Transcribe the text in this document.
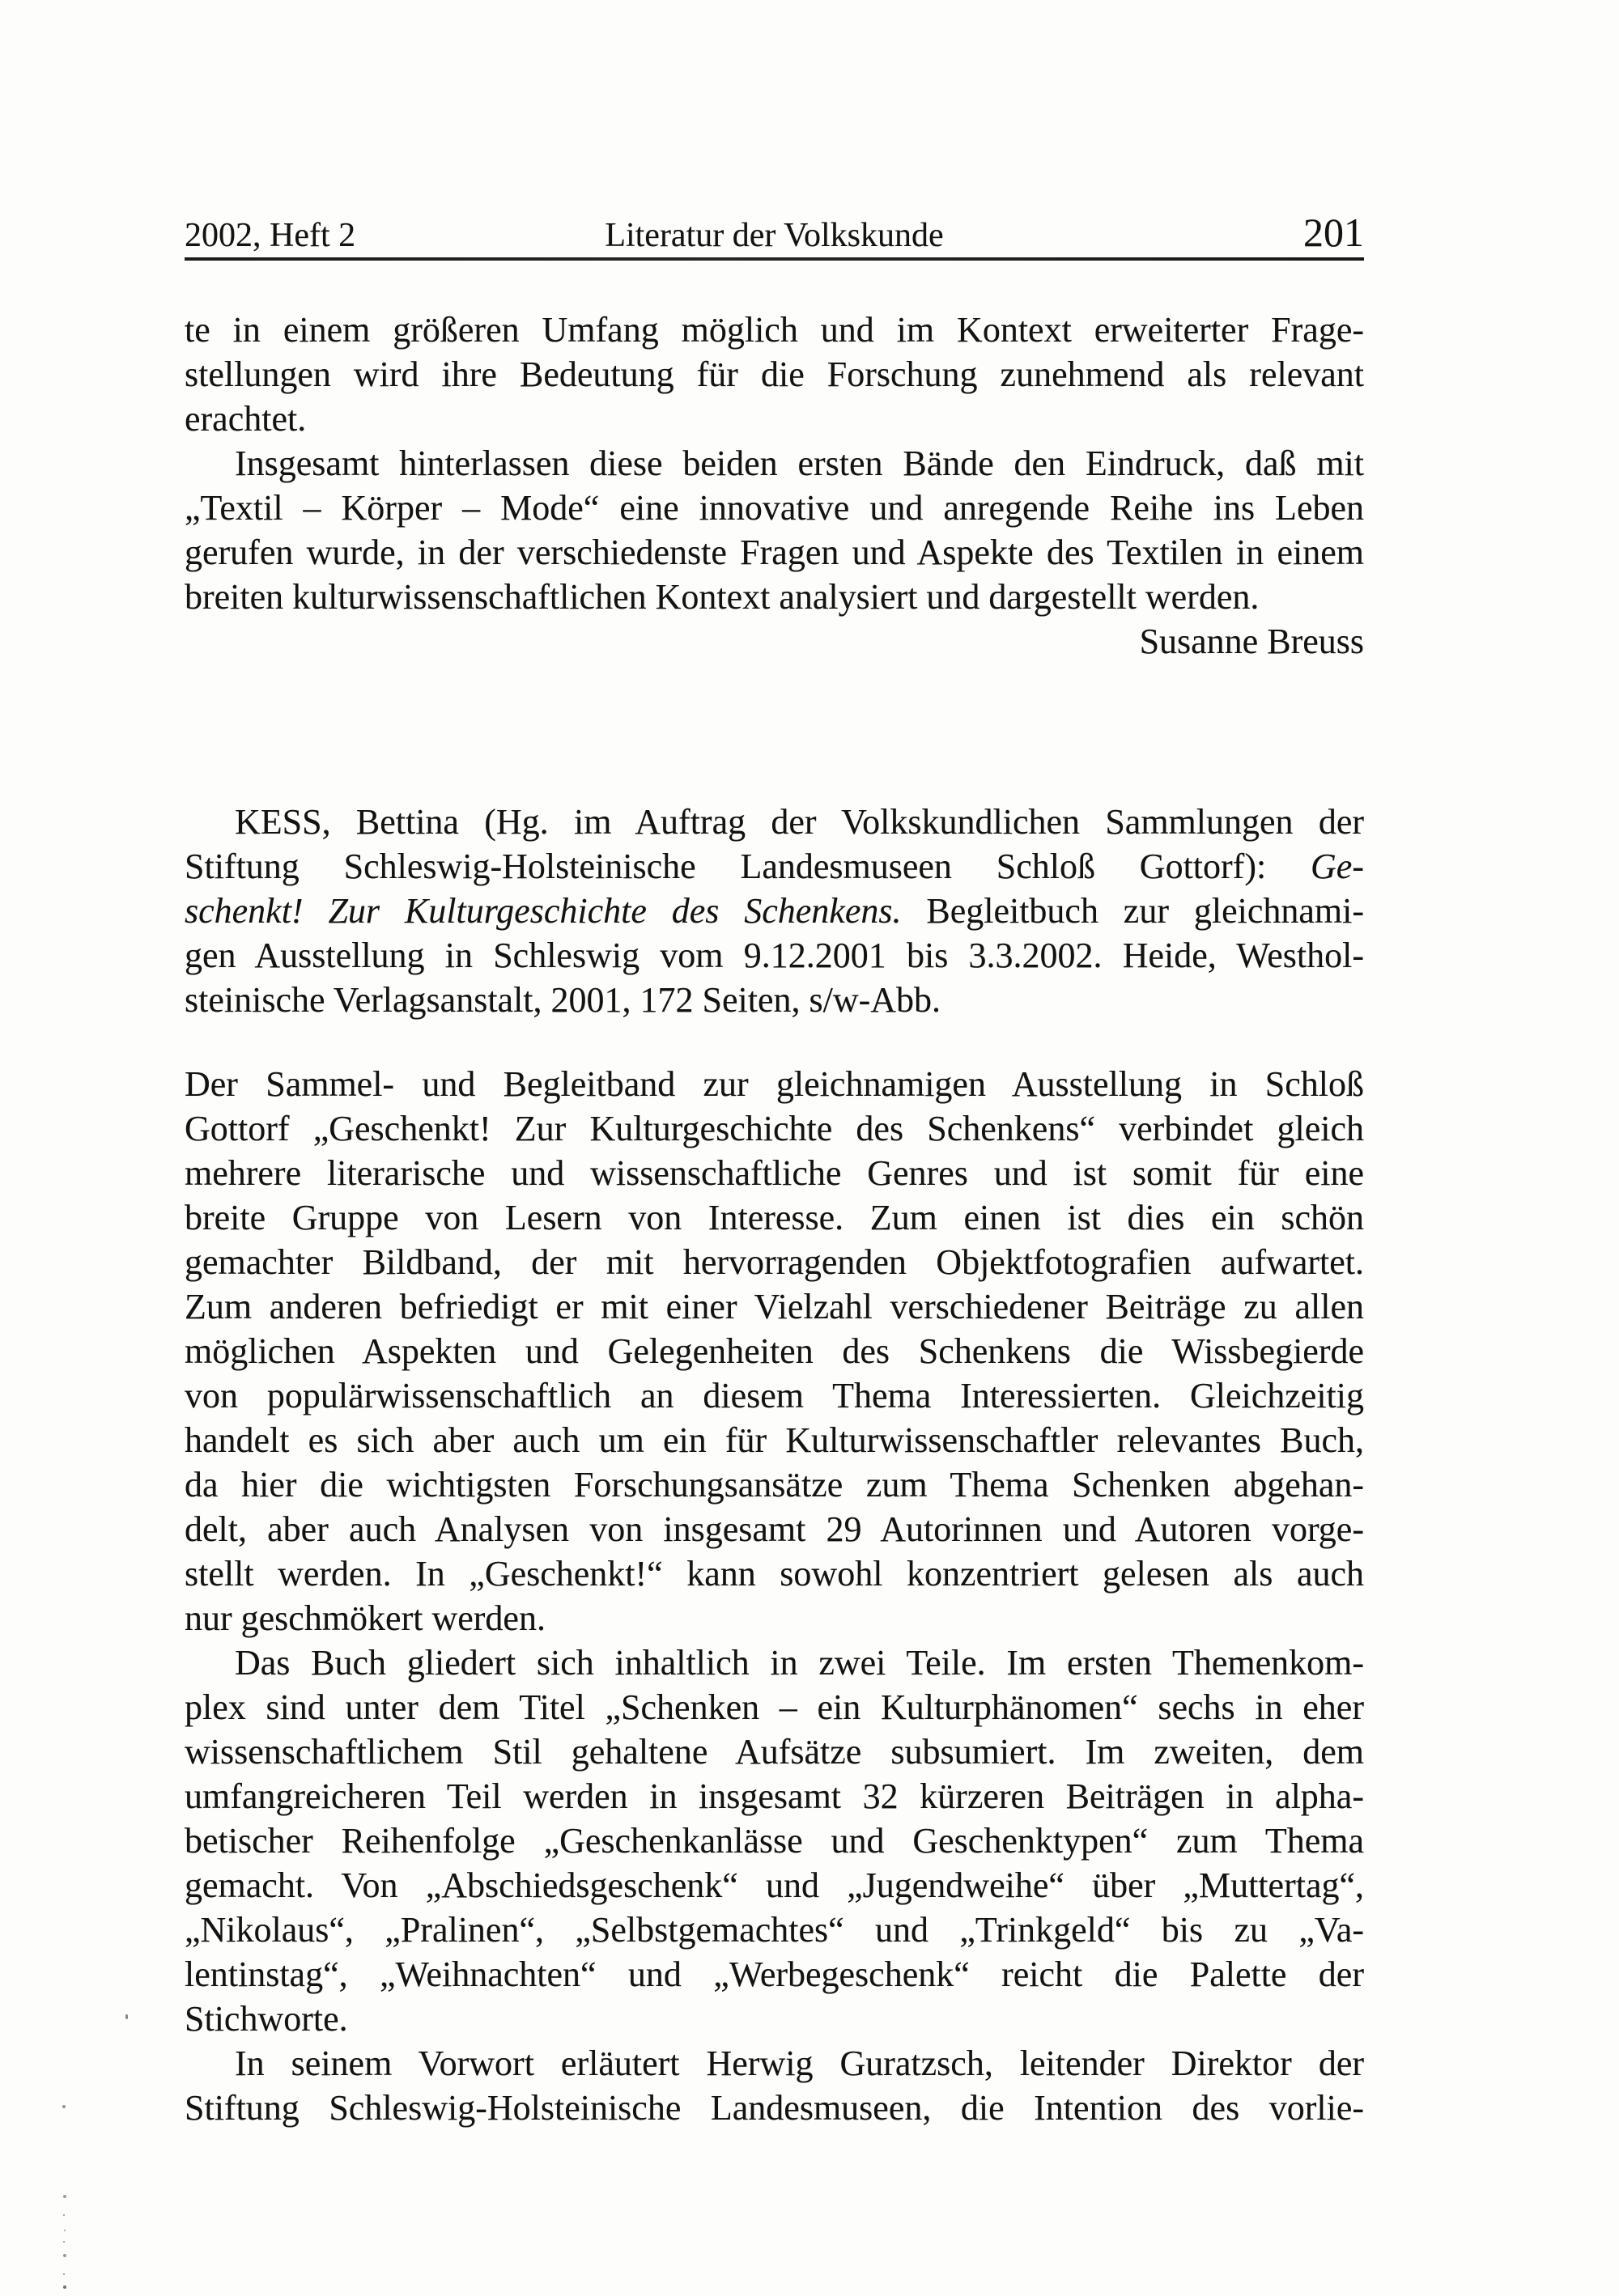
2002, Heft 2	Literatur der Volkskunde	201

te in einem größeren Umfang möglich und im Kontext erweiterter Frage-
stellungen wird ihre Bedeutung für die Forschung zunehmend als relevant
erachtet.

Insgesamt hinterlassen diese beiden ersten Bände den Eindruck, daß mit
„Textil – Körper – Mode“ eine innovative und anregende Reihe ins Leben
gerufen wurde, in der verschiedenste Fragen und Aspekte des Textilen in einem
breiten kulturwissenschaftlichen Kontext analysiert und dargestellt werden.

Susanne Breuss

KESS, Bettina (Hg. im Auftrag der Volkskundlichen Sammlungen der
Stiftung Schleswig-Holsteinische Landesmuseen Schloß Gottorf): Ge-
schenkt! Zur Kulturgeschichte des Schenkens. Begleitbuch zur gleichnami-
gen Ausstellung in Schleswig vom 9.12.2001 bis 3.3.2002. Heide, Westhol-
steinische Verlagsanstalt, 2001, 172 Seiten, s/w-Abb.

Der Sammel- und Begleitband zur gleichnamigen Ausstellung in Schloß
Gottorf „Geschenkt! Zur Kulturgeschichte des Schenkens“ verbindet gleich
mehrere literarische und wissenschaftliche Genres und ist somit für eine
breite Gruppe von Lesern von Interesse. Zum einen ist dies ein schön
gemachter Bildband, der mit hervorragenden Objektfotografien aufwartet.
Zum anderen befriedigt er mit einer Vielzahl verschiedener Beiträge zu allen
möglichen Aspekten und Gelegenheiten des Schenkens die Wissbegierde
von populärwissenschaftlich an diesem Thema Interessierten. Gleichzeitig
handelt es sich aber auch um ein für Kulturwissenschaftler relevantes Buch,
da hier die wichtigsten Forschungsansätze zum Thema Schenken abgehan-
delt, aber auch Analysen von insgesamt 29 Autorinnen und Autoren vorge-
stellt werden. In „Geschenkt!“ kann sowohl konzentriert gelesen als auch
nur geschmökert werden.

Das Buch gliedert sich inhaltlich in zwei Teile. Im ersten Themenkom-
plex sind unter dem Titel „Schenken – ein Kulturphänomen“ sechs in eher
wissenschaftlichem Stil gehaltene Aufsätze subsumiert. Im zweiten, dem
umfangreicheren Teil werden in insgesamt 32 kürzeren Beiträgen in alpha-
betischer Reihenfolge „Geschenkanlässe und Geschenktypen“ zum Thema
gemacht. Von „Abschiedsgeschenk“ und „Jugendweihe“ über „Muttertag“,
„Nikolaus“, „Pralinen“, „Selbstgemachtes“ und „Trinkgeld“ bis zu „Va-
lentinstag“, „Weihnachten“ und „Werbegeschenk“ reicht die Palette der
Stichworte.

In seinem Vorwort erläutert Herwig Guratzsch, leitender Direktor der
Stiftung Schleswig-Holsteinische Landesmuseen, die Intention des vorlie-
